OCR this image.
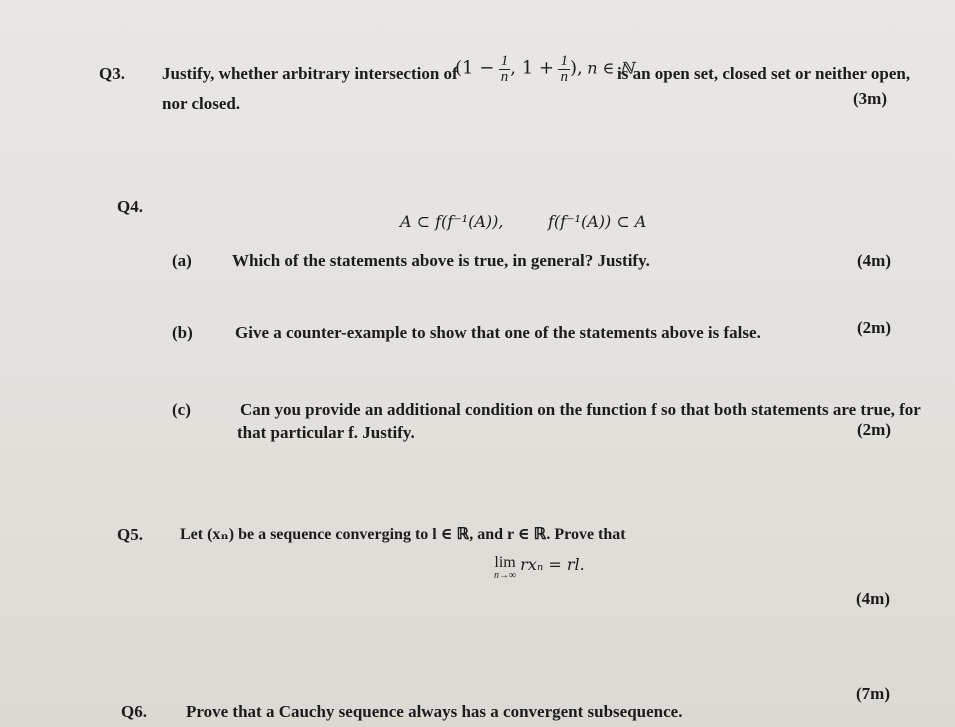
Q3. Justify, whether arbitrary intersection of
($1 - \frac{1}{n}$ , $1 + \frac{1}{n}$ ), n ∈ ℕ
is an open set, closed set or neither open,
nor closed.	(3m)
Q4.
A ⊂ f(f⁻¹(A)),	f(f⁻¹(A)) ⊂ A
(a) Which of the statements above is true, in general? Justify.	(4m)
(b) Give a counter-example to show that one of the statements above is false.	(2m)
(c)	Can you provide an additional condition on the function f so that both statements are true, for
that particular f. Justify.	(2m)
Q5. Let (xₙ) be a sequence converging to l ∈ ℝ, and r ∈ ℝ. Prove that
lim
n→∞
rxₙ = rl.
(4m)
Q6. Prove that a Cauchy sequence always has a convergent subsequence.
(7m)
